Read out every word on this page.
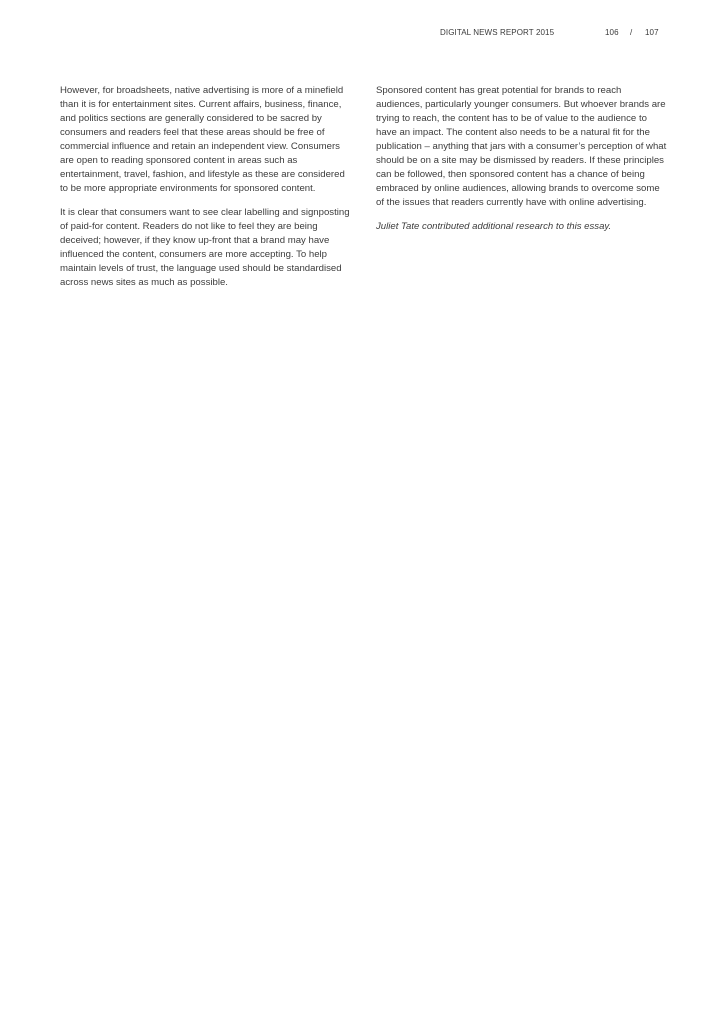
DIGITAL NEWS REPORT 2015	106 / 107

However, for broadsheets, native advertising is more of a minefield than it is for entertainment sites. Current affairs, business, finance, and politics sections are generally considered to be sacred by consumers and readers feel that these areas should be free of commercial influence and retain an independent view. Consumers are open to reading sponsored content in areas such as entertainment, travel, fashion, and lifestyle as these are considered to be more appropriate environments for sponsored content.

It is clear that consumers want to see clear labelling and signposting of paid-for content. Readers do not like to feel they are being deceived; however, if they know up-front that a brand may have influenced the content, consumers are more accepting. To help maintain levels of trust, the language used should be standardised across news sites as much as possible.

Sponsored content has great potential for brands to reach audiences, particularly younger consumers. But whoever brands are trying to reach, the content has to be of value to the audience to have an impact. The content also needs to be a natural fit for the publication – anything that jars with a consumer’s perception of what should be on a site may be dismissed by readers. If these principles can be followed, then sponsored content has a chance of being embraced by online audiences, allowing brands to overcome some of the issues that readers currently have with online advertising.

Juliet Tate contributed additional research to this essay.
